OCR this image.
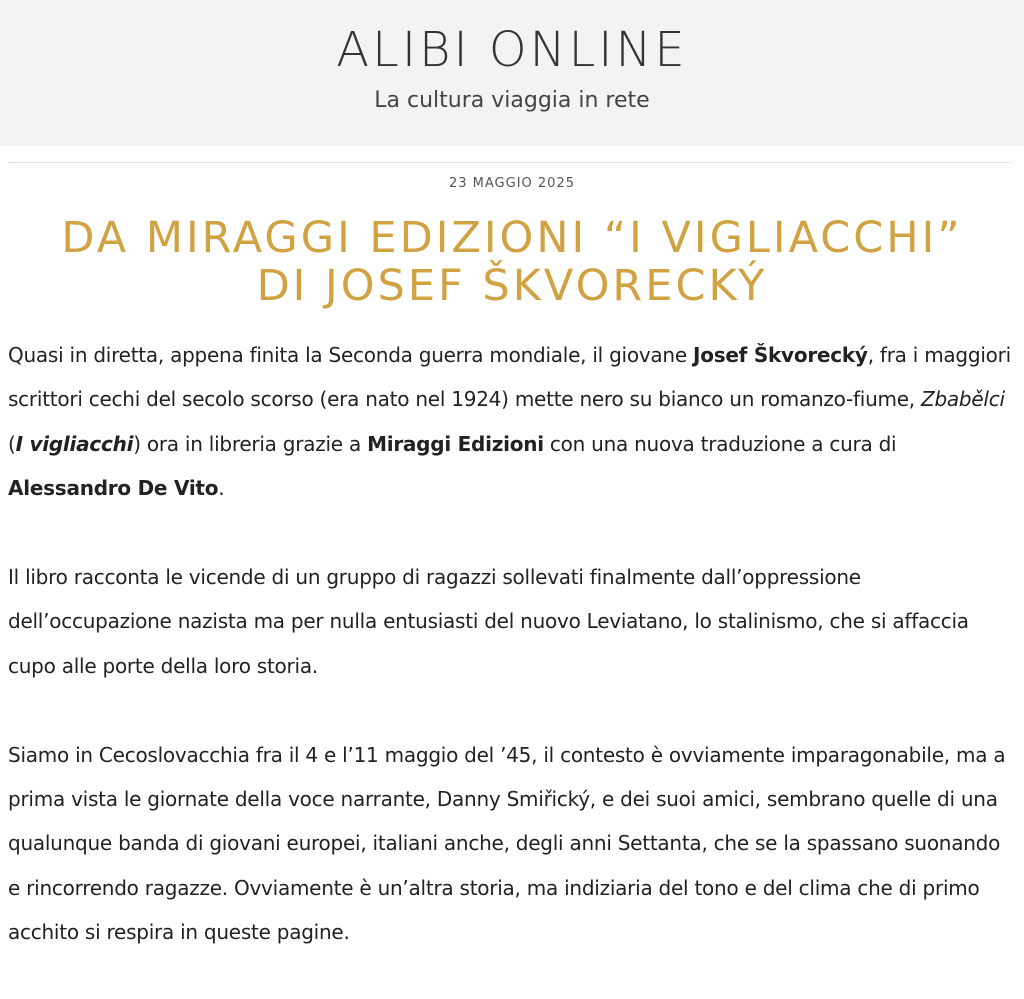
ALIBI ONLINE

La cultura viaggia in rete

23 MAGGIO 2025
DA MIRAGGI EDIZIONI “I VIGLIACCHI”
DI JOSEF ŠKVORECKÝ

Quasi in diretta, appena finita la Seconda guerra mondiale, il giovane Josef Škvorecký, fra i maggiori scrittori cechi del secolo scorso (era nato nel 1924) mette nero su bianco un romanzo-fiume, Zbabělci (I vigliacchi) ora in libreria grazie a Miraggi Edizioni con una nuova traduzione a cura di Alessandro De Vito.

Il libro racconta le vicende di un gruppo di ragazzi sollevati finalmente dall’oppressione dell’occupazione nazista ma per nulla entusiasti del nuovo Leviatano, lo stalinismo, che si affaccia cupo alle porte della loro storia.

Siamo in Cecoslovacchia fra il 4 e l’11 maggio del ’45, il contesto è ovviamente imparagonabile, ma a prima vista le giornate della voce narrante, Danny Smiřický, e dei suoi amici, sembrano quelle di una qualunque banda di giovani europei, italiani anche, degli anni Settanta, che se la spassano suonando e rincorrendo ragazze. Ovviamente è un’altra storia, ma indiziaria del tono e del clima che di primo acchito si respira in queste pagine.
